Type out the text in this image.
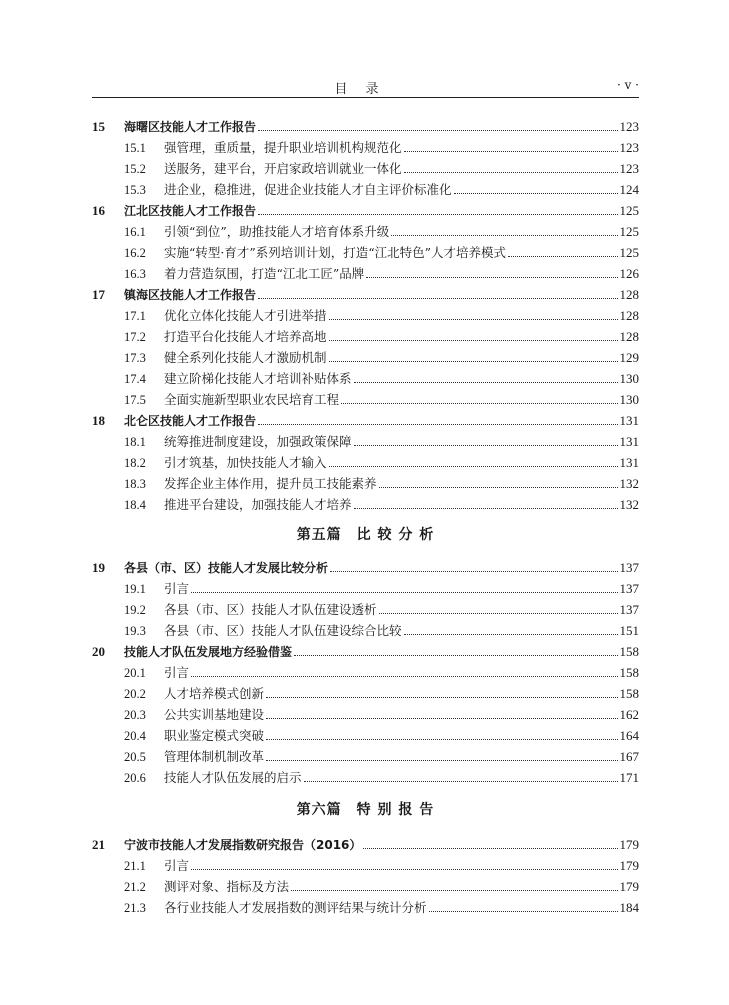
目录	· v ·
15	海曙区技能人才工作报告	123
15.1	强管理，重质量，提升职业培训机构规范化	123
15.2	送服务，建平台，开启家政培训就业一体化	123
15.3	进企业，稳推进，促进企业技能人才自主评价标准化	124
16	江北区技能人才工作报告	125
16.1	引领“到位”，助推技能人才培育体系升级	125
16.2	实施“转型·育才”系列培训计划，打造“江北特色”人才培养模式	125
16.3	着力营造氛围，打造“江北工匠”品牌	126
17	镇海区技能人才工作报告	128
17.1	优化立体化技能人才引进举措	128
17.2	打造平台化技能人才培养高地	128
17.3	健全系列化技能人才激励机制	129
17.4	建立阶梯化技能人才培训补贴体系	130
17.5	全面实施新型职业农民培育工程	130
18	北仑区技能人才工作报告	131
18.1	统筹推进制度建设，加强政策保障	131
18.2	引才筑基，加快技能人才输入	131
18.3	发挥企业主体作用，提升员工技能素养	132
18.4	推进平台建设，加强技能人才培养	132
第五篇　比 较 分 析
19	各县（市、区）技能人才发展比较分析	137
19.1	引言	137
19.2	各县（市、区）技能人才队伍建设透析	137
19.3	各县（市、区）技能人才队伍建设综合比较	151
20	技能人才队伍发展地方经验借鉴	158
20.1	引言	158
20.2	人才培养模式创新	158
20.3	公共实训基地建设	162
20.4	职业鉴定模式突破	164
20.5	管理体制机制改革	167
20.6	技能人才队伍发展的启示	171
第六篇　特 别 报 告
21	宁波市技能人才发展指数研究报告（2016）	179
21.1	引言	179
21.2	测评对象、指标及方法	179
21.3	各行业技能人才发展指数的测评结果与统计分析	184
